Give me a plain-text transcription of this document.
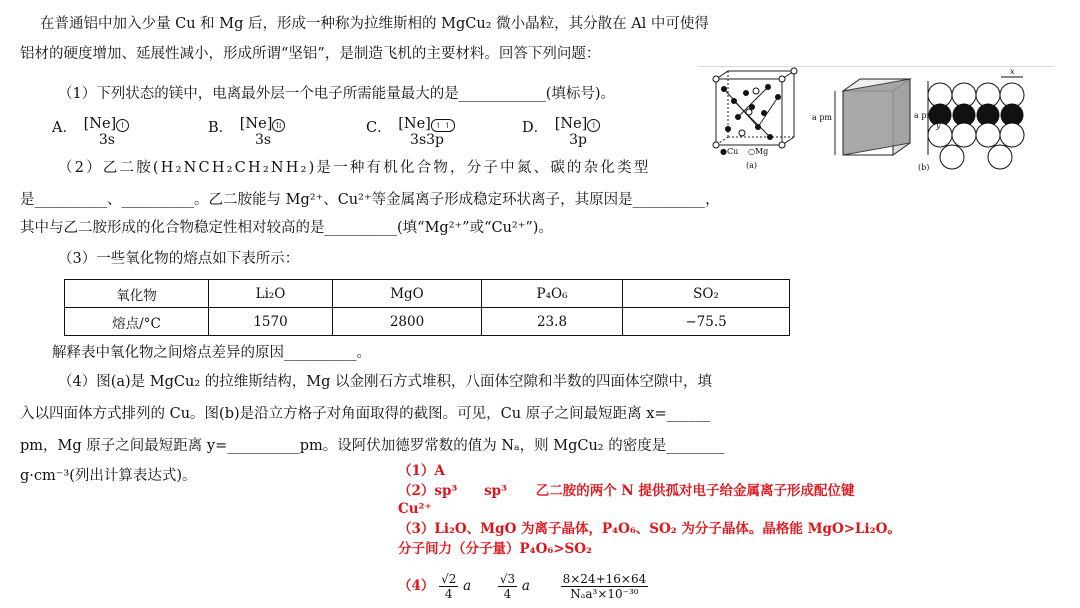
在普通铝中加入少量 Cu 和 Mg 后，形成一种称为拉维斯相的 MgCu₂ 微小晶粒，其分散在 Al 中可使得
铝材的硬度增加、延展性减小，形成所谓“坚铝”，是制造飞机的主要材料。回答下列问题：
（1）下列状态的镁中，电离最外层一个电子所需能量最大的是____________(填标号)。
A． [Ne] ↿
3s
B． [Ne] ⇅
3s
C． [Ne] ↿ ↿
3s3p
D． [Ne] ↿
3p
（2）乙二胺(H₂NCH₂CH₂NH₂)是一种有机化合物，分子中氮、碳的杂化类型
是__________、__________。乙二胺能与 Mg²⁺、Cu²⁺等金属离子形成稳定环状离子，其原因是__________，
其中与乙二胺形成的化合物稳定性相对较高的是__________(填“Mg²⁺”或“Cu²⁺”)。
（3）一些氧化物的熔点如下表所示：
氧化物	Li₂O	MgO	P₄O₆	SO₂
熔点/°C	1570	2800	23.8	−75.5
解释表中氧化物之间熔点差异的原因__________。
（4）图(a)是 MgCu₂ 的拉维斯结构，Mg 以金刚石方式堆积，八面体空隙和半数的四面体空隙中，填
入以四面体方式排列的 Cu。图(b)是沿立方格子对角面取得的截图。可见，Cu 原子之间最短距离 x=______
pm，Mg 原子之间最短距离 y=__________pm。设阿伏加德罗常数的值为 Nₐ，则 MgCu₂ 的密度是________
g·cm⁻³(列出计算表达式)。
●Cu ○Mg
(a)
a pm	a pm
x
y
(b)
（1）A
（2）sp³ sp³ 乙二胺的两个 N 提供孤对电子给金属离子形成配位键
Cu²⁺
（3）Li₂O、MgO 为离子晶体，P₄O₆、SO₂ 为分子晶体。晶格能 MgO>Li₂O。
分子间力（分子量）P₄O₆>SO₂
$(4) \frac{√2}{4}$ a $\frac{√3}{4}$ a	$\frac{8\times 24+16\times 64}{\text{Nₐa³×10⁻³⁰}}$
